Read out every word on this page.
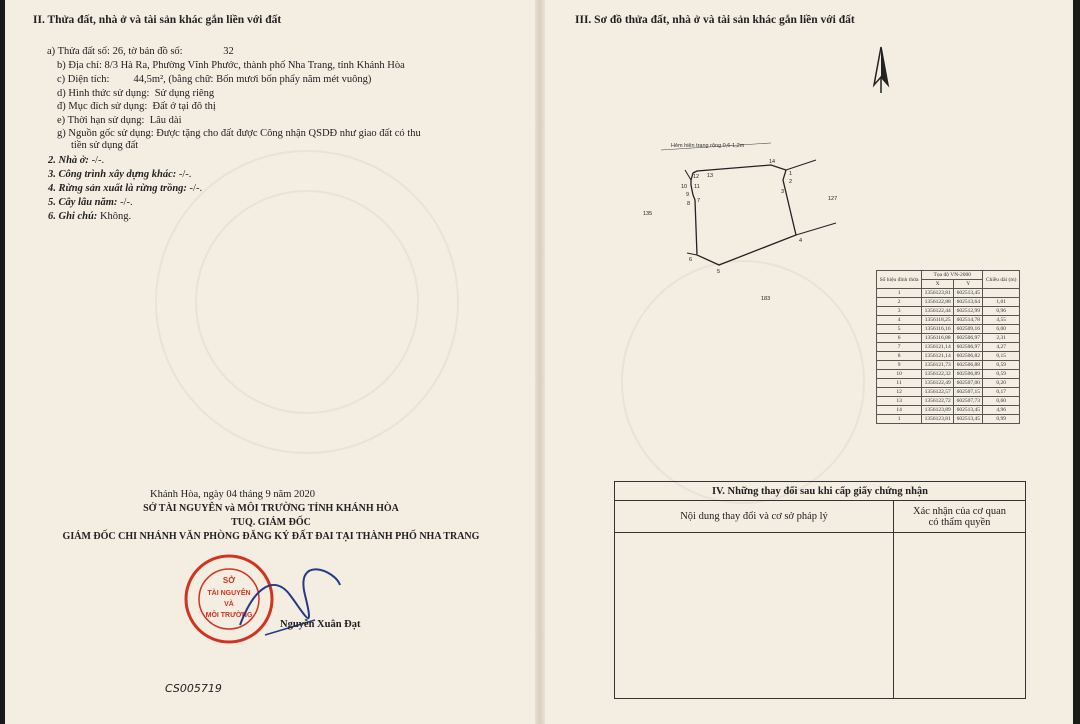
II. Thửa đất, nhà ở và tài sản khác gắn liền với đất
a) Thửa đất số: 26, tờ bản đồ số:	32
b) Địa chỉ: 8/3 Hà Ra, Phường Vĩnh Phước, thành phố Nha Trang, tỉnh Khánh Hòa
c) Diện tích: 44,5m², (bằng chữ: Bốn mươi bốn phẩy năm mét vuông)
d) Hình thức sử dụng: Sử dụng riêng
đ) Mục đích sử dụng: Đất ở tại đô thị
e) Thời hạn sử dụng: Lâu dài
g) Nguồn gốc sử dụng: Được tặng cho đất được Công nhận QSDĐ như giao đất có thu
tiền sử dụng đất
2. Nhà ở: -/-.
3. Công trình xây dựng khác: -/-.
4. Rừng sản xuất là rừng trồng: -/-.
5. Cây lâu năm: -/-.
6. Ghi chú: Không.
Khánh Hòa, ngày 04 tháng 9 năm 2020
SỞ TÀI NGUYÊN và MÔI TRƯỜNG TỈNH KHÁNH HÒA
TUQ. GIÁM ĐỐC
GIÁM ĐỐC CHI NHÁNH VĂN PHÒNG ĐĂNG KÝ ĐẤT ĐAI TẠI THÀNH PHỐ NHA TRANG
SỞ
TÀI NGUYÊN
VÀ
MÔI TRƯỜNG
Nguyễn Xuân Đạt
CS005719
III. Sơ đồ thửa đất, nhà ở và tài sản khác gắn liền với đất
Hẻm hiện trạng rộng 0,6-1,2m
1
2
3
4
5
6
7
8
9
10 11
12 13
14
135
127
183
Số hiệu đỉnh thửa	Tọa độ VN-2000		Chiều dài (m)
	X	Y	
1	1356123,81	602513,45	
2	1356122,88	602513,64	1,01
3	1356122,44	602512,99	0,96
4	1356118,25	602514,78	4,55
5	1356116,16	602509,16	6,00
6	1356116,88	602506,97	2,31
7	1356121,14	602506,97	4,27
8	1356121,14	602506,82	0,15
9	1356121,73	602506,88	0,59
10	1356122,32	602506,89	0,59
11	1356122,49	602507,00	0,20
12	1356122,57	602507,15	0,17
13	1356122,72	602507,73	0,60
14	1356123,89	602513,45	4,96
1	1356123,81	602513,45	0,99
IV. Những thay đổi sau khi cấp giấy chứng nhận	
Nội dung thay đổi và cơ sở pháp lý	Xác nhận của cơ quan có thẩm quyền
